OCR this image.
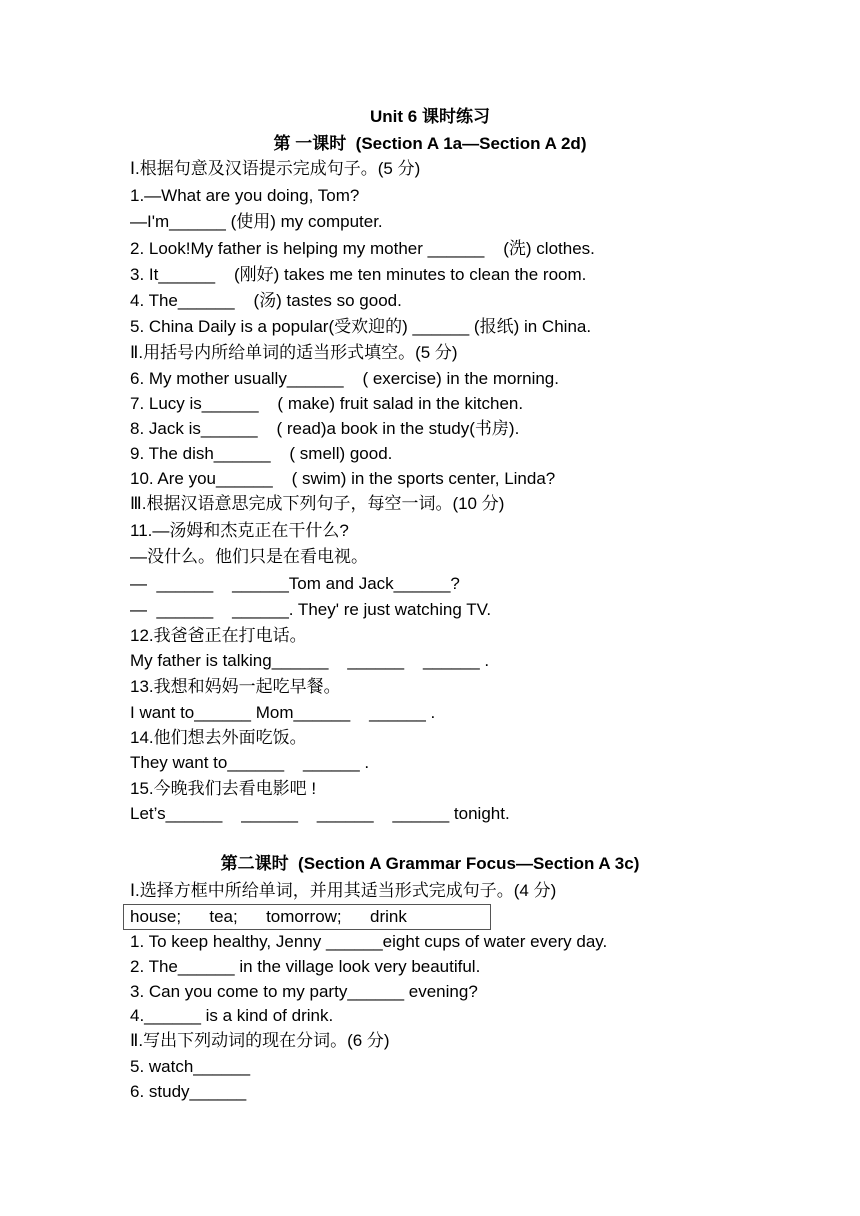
Unit 6 课时练习
第 一课时  (Section A 1a—Section A 2d)
Ⅰ.根据句意及汉语提示完成句子。(5 分)
1.—What are you doing, Tom?
—I'm______ (使用) my computer.
2. Look!My father is helping my mother ______    (洗) clothes.
3. It______    (刚好) takes me ten minutes to clean the room.
4. The______    (汤) tastes so good.
5. China Daily is a popular(受欢迎的) ______ (报纸) in China.
Ⅱ.用括号内所给单词的适当形式填空。(5 分)
6. My mother usually______    ( exercise) in the morning.
7. Lucy is______    ( make) fruit salad in the kitchen.
8. Jack is______    ( read)a book in the study(书房).
9. The dish______    ( smell) good.
10. Are you______    ( swim) in the sports center, Linda?
Ⅲ.根据汉语意思完成下列句子，每空一词。(10 分)
11.—汤姆和杰克正在干什么?
—没什么。他们只是在看电视。
—  ______    ______Tom and Jack______?
—  ______    ______. They' re just watching TV.
12.我爸爸正在打电话。
My father is talking______    ______    ______ .
13.我想和妈妈一起吃早餐。
I want to______ Mom______    ______ .
14.他们想去外面吃饭。
They want to______    ______ .
15.今晚我们去看电影吧 !
Let’s______    ______    ______    ______ tonight.
第二课时  (Section A Grammar Focus—Section A 3c)
Ⅰ.选择方框中所给单词，并用其适当形式完成句子。(4 分)
house;      tea;      tomorrow;      drink
1. To keep healthy, Jenny ______eight cups of water every day.
2. The______ in the village look very beautiful.
3. Can you come to my party______ evening?
4.______ is a kind of drink.
Ⅱ.写出下列动词的现在分词。(6 分)
5. watch______
6. study______
